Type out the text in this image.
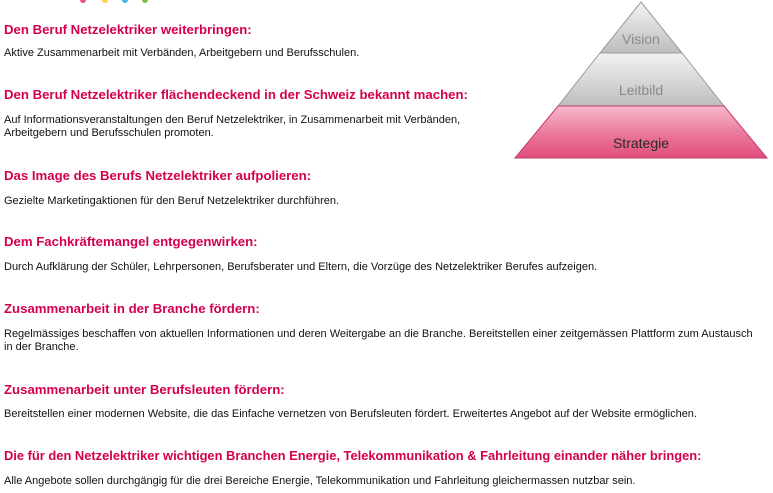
Den Beruf Netzelektriker weiterbringen:

Aktive Zusammenarbeit mit Verbänden, Arbeitgebern und Berufsschulen.

Den Beruf Netzelektriker flächendeckend in der Schweiz bekannt machen:

Auf Informationsveranstaltungen den Beruf Netzelektriker, in Zusammenarbeit mit Verbänden, Arbeitgebern und Berufsschulen promoten.

Das Image des Berufs Netzelektriker aufpolieren:

Gezielte Marketingaktionen für den Beruf Netzelektriker durchführen.

Dem Fachkräftemangel entgegenwirken:

Durch Aufklärung der Schüler, Lehrpersonen, Berufsberater und Eltern, die Vorzüge des Netzelektriker Berufes aufzeigen.

Zusammenarbeit in der Branche fördern:

Regelmässiges beschaffen von aktuellen Informationen und deren Weitergabe an die Branche. Bereitstellen einer zeitgemässen Plattform zum Austausch in der Branche.

Zusammenarbeit unter Berufsleuten fördern:

Bereitstellen einer modernen Website, die das Einfache vernetzen von Berufsleuten fördert. Erweitertes Angebot auf der Website ermöglichen.

Die für den Netzelektriker wichtigen Branchen Energie, Telekommunikation & Fahrleitung einander näher bringen:

Alle Angebote sollen durchgängig für die drei Bereiche Energie, Telekommunikation und Fahrleitung gleichermassen nutzbar sein.

Vision
Leitbild
Strategie
